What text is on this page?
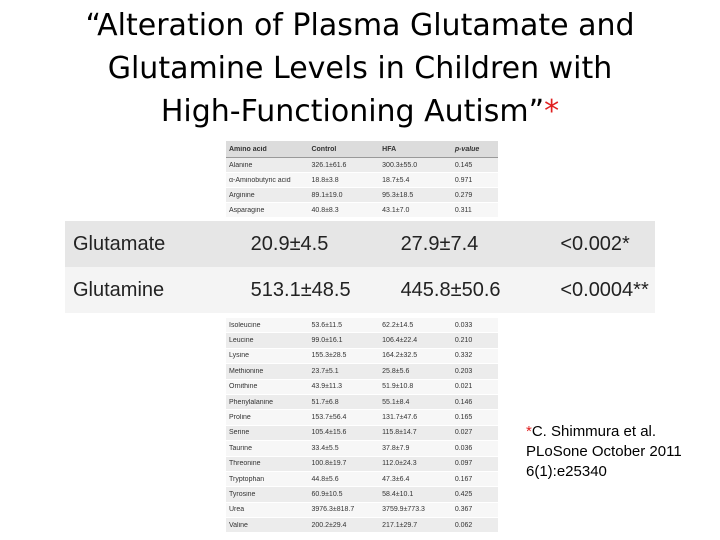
“Alteration of Plasma Glutamate and
Glutamine Levels in Children with
High-Functioning Autism”*
Amino acid	Control	HFA	p-value
Alanine	326.1±61.6	300.3±55.0	0.145
α-Aminobutyric acid	18.8±3.8	18.7±5.4	0.971
Arginine	89.1±19.0	95.3±18.5	0.279
Asparagine	40.8±8.3	43.1±7.0	0.311
Glutamate	20.9±4.5	27.9±7.4	<0.002*
Glutamine	513.1±48.5	445.8±50.6	<0.0004**
Isoleucine	53.6±11.5	62.2±14.5	0.033
Leucine	99.0±16.1	106.4±22.4	0.210
Lysine	155.3±28.5	164.2±32.5	0.332
Methionine	23.7±5.1	25.8±5.6	0.203
Ornithine	43.9±11.3	51.9±10.8	0.021
Phenylalanine	51.7±6.8	55.1±8.4	0.146
Proline	153.7±56.4	131.7±47.6	0.165
Serine	105.4±15.6	115.8±14.7	0.027
Taurine	33.4±5.5	37.8±7.9	0.036
Threonine	100.8±19.7	112.0±24.3	0.097
Tryptophan	44.8±5.6	47.3±6.4	0.167
Tyrosine	60.9±10.5	58.4±10.1	0.425
Urea	3976.3±818.7	3759.9±773.3	0.367
Valine	200.2±29.4	217.1±29.7	0.062
*C. Shimmura et al. PLoSone October 2011 6(1):e25340
